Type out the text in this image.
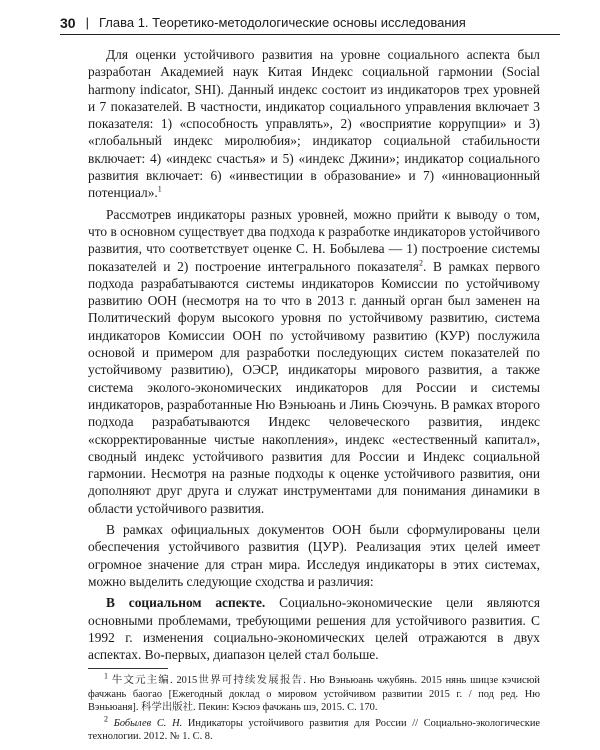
30 | Глава 1. Теоретико-методологические основы исследования

Для оценки устойчивого развития на уровне социального аспекта был разработан Академией наук Китая Индекс социальной гармонии (Social harmony indicator, SHI). Данный индекс состоит из индикаторов трех уровней и 7 показателей. В частности, индикатор социального управления включает 3 показателя: 1) «способность управлять», 2) «восприятие коррупции» и 3) «глобальный индекс миролюбия»; индикатор социальной стабильности включает: 4) «индекс счастья» и 5) «индекс Джини»; индикатор социального развития включает: 6) «инвестиции в образование» и 7) «инновационный потенциал».$^1$

Рассмотрев индикаторы разных уровней, можно прийти к выводу о том, что в основном существует два подхода к разработке индикаторов устойчивого развития, что соответствует оценке С. Н. Бобылева — 1) построение системы показателей и 2) построение интегрального показателя$^2$. В рамках первого подхода разрабатываются системы индикаторов Комиссии по устойчивому развитию ООН (несмотря на то что в 2013 г. данный орган был заменен на Политический форум высокого уровня по устойчивому развитию, система индикаторов Комиссии ООН по устойчивому развитию (КУР) послужила основой и примером для разработки последующих систем показателей по устойчивому развитию), ОЭСР, индикаторы мирового развития, а также система эколого-экономических индикаторов для России и системы индикаторов, разработанные Ню Вэньюань и Линь Сюэчунь. В рамках второго подхода разрабатываются Индекс человеческого развития, индекс «скорректированные чистые накопления», индекс «естественный капитал», сводный индекс устойчивого развития для России и Индекс социальной гармонии. Несмотря на разные подходы к оценке устойчивого развития, они дополняют друг друга и служат инструментами для понимания динамики в области устойчивого развития.

В рамках официальных документов ООН были сформулированы цели обеспечения устойчивого развития (ЦУР). Реализация этих целей имеет огромное значение для стран мира. Исследуя индикаторы в этих системах, можно выделить следующие сходства и различия:

В социальном аспекте. Социально-экономические цели являются основными проблемами, требующими решения для устойчивого развития. С 1992 г. изменения социально-экономических целей отражаются в двух аспектах. Во-первых, диапазон целей стал больше.

$^1$ 牛文元主编. 2015世界可持续发展报告. Ню Вэньюань чжубянь. 2015 нянь шицзе кэчисюй фачжань баогао [Ежегодный доклад о мировом устойчивом развитии 2015 г. / под ред. Ню Вэньюаня]. 科学出版社. Пекин: Кэсюэ фачжань шэ, 2015. С. 170.

$^2$ Бобылев С. Н. Индикаторы устойчивого развития для России // Социально-экологические технологии. 2012. № 1. С. 8.
